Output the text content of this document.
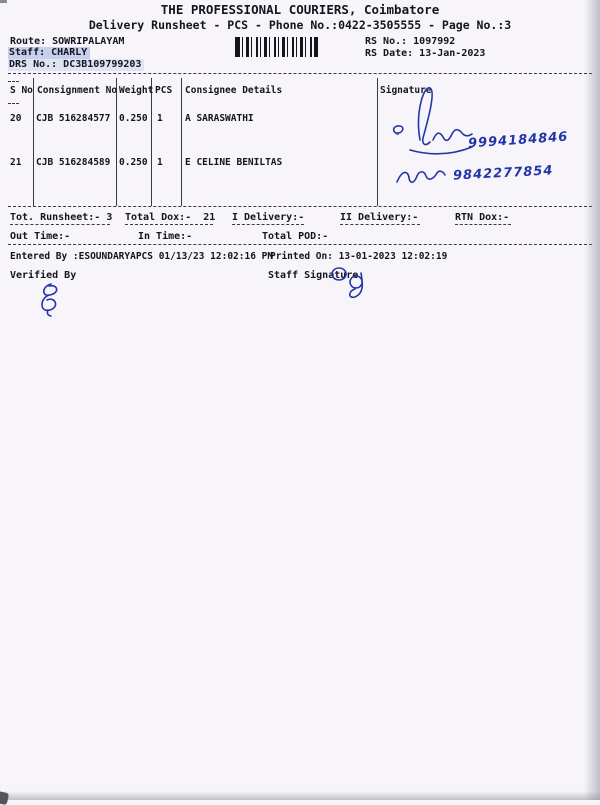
THE PROFESSIONAL COURIERS, Coimbatore
Delivery Runsheet - PCS - Phone No.:0422-3505555 - Page No.:3
Route: SOWRIPALAYAM
Staff: CHARLY
DRS No.: DC3B109799203
RS No.: 1097992
RS Date: 13-Jan-2023
S No Consignment No Weight PCS Consignee Details	Signature
20 CJB 516284577 0.250 1 A SARASWATHI
21 CJB 516284589 0.250 1 E CELINE BENILTAS
9994184846
9842277854
Tot. Runsheet:- 3 Total Dox:-  21 I Delivery:-	II Delivery:-	RTN Dox:-
Out Time:-	In Time:-	Total POD:-
Entered By :ESOUNDARYAPCS 01/13/23 12:02:16 PM
Printed On: 13-01-2023 12:02:19
Verified By	Staff Signature
